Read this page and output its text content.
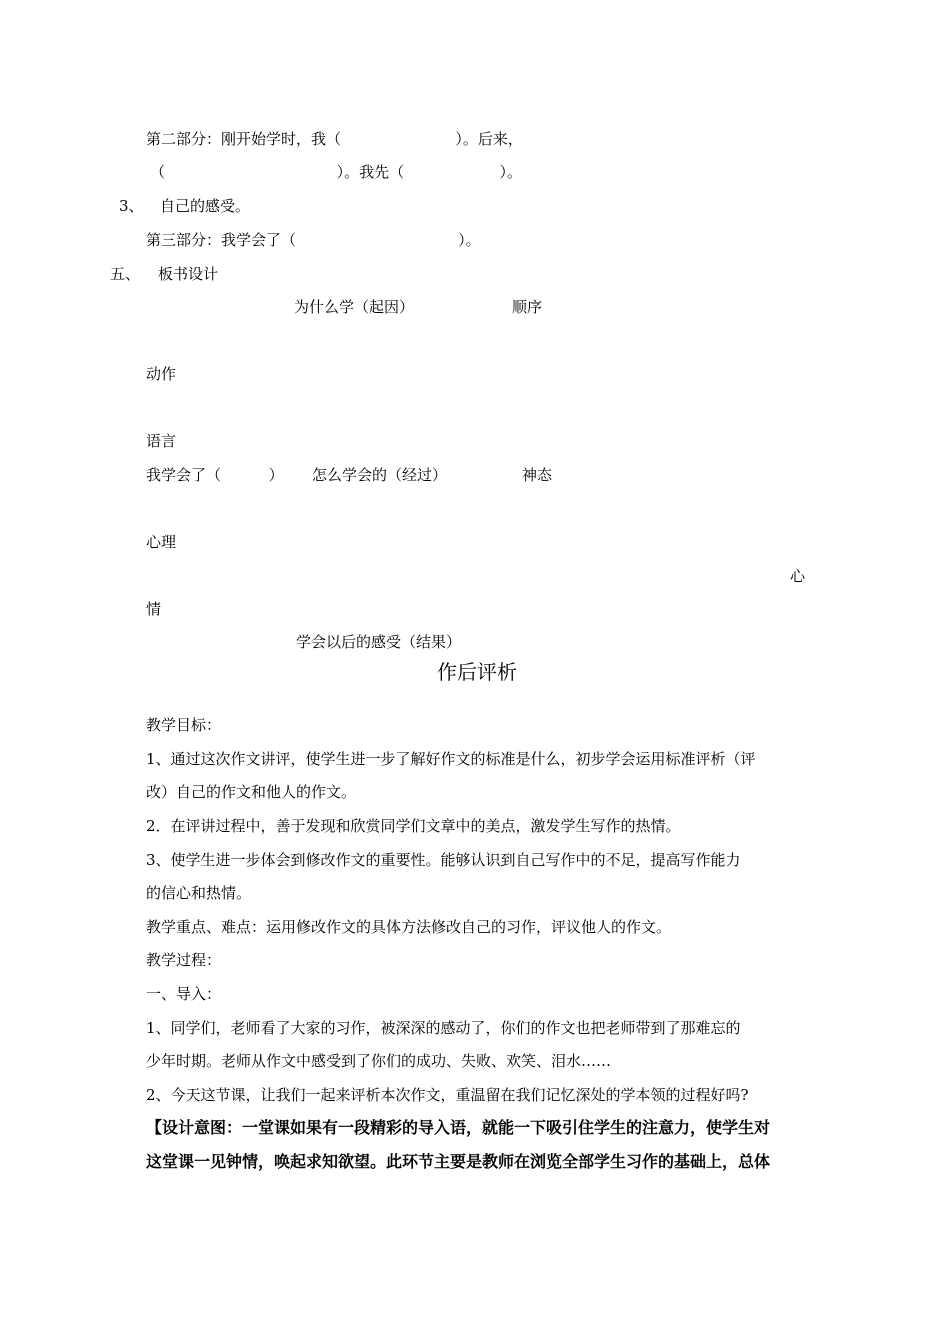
第二部分：刚开始学时，我（                        ）。后来，
（                                    ）。我先（                    ）。
3、 自己的感受。
第三部分：我学会了（                                  ）。
五、 板书设计
为什么学（起因）	顺序
动作
语言
我学会了（          ） 怎么学会的（经过）	神态
心理
心
情
学会以后的感受（结果）
作后评析
教学目标：
1、通过这次作文讲评，使学生进一步了解好作文的标准是什么，初步学会运用标准评析（评
改）自己的作文和他人的作文。
2．在评讲过程中，善于发现和欣赏同学们文章中的美点，激发学生写作的热情。
3、使学生进一步体会到修改作文的重要性。能够认识到自己写作中的不足，提高写作能力
的信心和热情。
教学重点、难点：运用修改作文的具体方法修改自己的习作，评议他人的作文。
教学过程：
一、导入：
1、同学们，老师看了大家的习作，被深深的感动了，你们的作文也把老师带到了那难忘的
少年时期。老师从作文中感受到了你们的成功、失败、欢笑、泪水……
2、今天这节课，让我们一起来评析本次作文，重温留在我们记忆深处的学本领的过程好吗?
【设计意图：一堂课如果有一段精彩的导入语，就能一下吸引住学生的注意力，使学生对
这堂课一见钟情，唤起求知欲望。此环节主要是教师在浏览全部学生习作的基础上，总体
